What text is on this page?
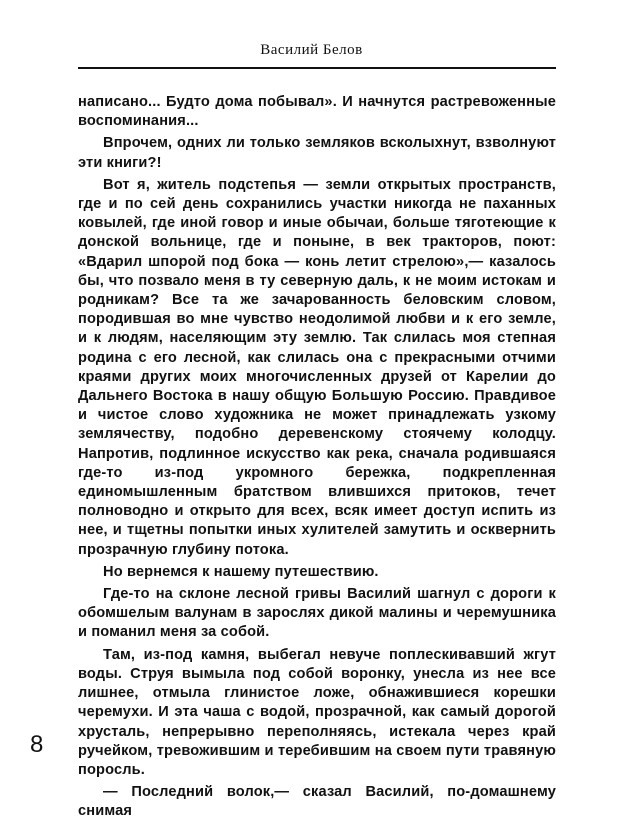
Василий Белов

написано... Будто дома побывал». И начнутся растревоженные воспоминания...

Впрочем, одних ли только земляков всколыхнут, взволнуют эти книги?!

Вот я, житель подстепья — земли открытых пространств, где и по сей день сохранились участки никогда не паханных ковылей, где иной говор и иные обычаи, больше тяготеющие к донской вольнице, где и поныне, в век тракторов, поют: «Вдарил шпорой под бока — конь летит стрелою»,— казалось бы, что позвало меня в ту северную даль, к не моим истокам и родникам? Все та же зачарованность беловским словом, породившая во мне чувство неодолимой любви и к его земле, и к людям, населяющим эту землю. Так слилась моя степная родина с его лесной, как слилась она с прекрасными отчими краями других моих многочисленных друзей от Карелии до Дальнего Востока в нашу общую Большую Россию. Правдивое и чистое слово художника не может принадлежать узкому землячеству, подобно деревенскому стоячему колодцу. Напротив, подлинное искусство как река, сначала родившаяся где-то из-под укромного бережка, подкрепленная единомышленным братством влившихся притоков, течет полноводно и открыто для всех, всяк имеет доступ испить из нее, и тщетны попытки иных хулителей замутить и осквернить прозрачную глубину потока.

Но вернемся к нашему путешествию.

Где-то на склоне лесной гривы Василий шагнул с дороги к обомшелым валунам в зарослях дикой малины и черемушника и поманил меня за собой.

Там, из-под камня, выбегал невуче поплескивавший жгут воды. Струя вымыла под собой воронку, унесла из нее все лишнее, отмыла глинистое ложе, обнажившиеся корешки черемухи. И эта чаша с водой, прозрачной, как самый дорогой хрусталь, непрерывно переполняясь, истекала через край ручейком, тревожившим и теребившим на своем пути травяную поросль.

— Последний волок,— сказал Василий, по-домашнему снимая

8
